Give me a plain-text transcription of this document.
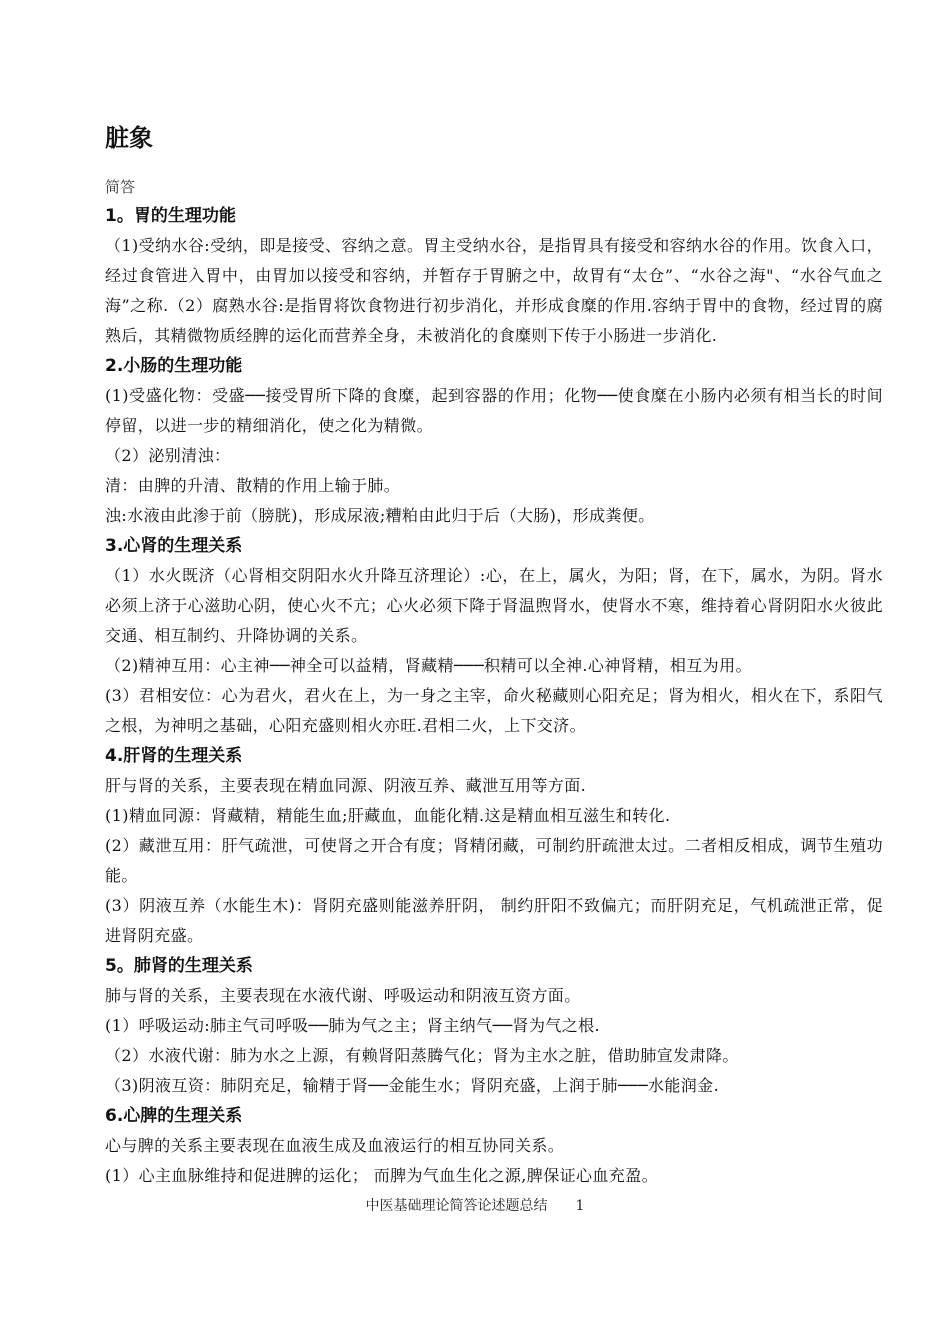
脏象
简答
1。胃的生理功能

（1)受纳水谷:受纳，即是接受、容纳之意。胃主受纳水谷，是指胃具有接受和容纳水谷的作用。饮食入口，经过食管进入胃中，由胃加以接受和容纳，并暂存于胃腑之中，故胃有“太仓”、“水谷之海"、“水谷气血之海”之称.（2）腐熟水谷:是指胃将饮食物进行初步消化，并形成食糜的作用.容纳于胃中的食物，经过胃的腐熟后，其精微物质经脾的运化而营养全身，未被消化的食糜则下传于小肠进一步消化.

2.小肠的生理功能

(1)受盛化物：受盛──接受胃所下降的食糜，起到容器的作用；化物──使食糜在小肠内必须有相当长的时间停留，以进一步的精细消化，使之化为精微。

（2）泌别清浊：

清：由脾的升清、散精的作用上输于肺。

浊:水液由此渗于前（膀胱)，形成尿液;糟粕由此归于后（大肠)，形成粪便。

3.心肾的生理关系

（1）水火既济（心肾相交阴阳水火升降互济理论）:心，在上，属火，为阳；肾，在下，属水，为阴。肾水必须上济于心滋助心阴，使心火不亢；心火必须下降于肾温煦肾水，使肾水不寒，维持着心肾阴阳水火彼此交通、相互制约、升降协调的关系。

（2)精神互用：心主神──神全可以益精，肾藏精───积精可以全神.心神肾精，相互为用。

(3）君相安位：心为君火，君火在上，为一身之主宰，命火秘藏则心阳充足；肾为相火，相火在下，系阳气之根，为神明之基础，心阳充盛则相火亦旺.君相二火，上下交济。

4.肝肾的生理关系

肝与肾的关系，主要表现在精血同源、阴液互养、藏泄互用等方面.

(1)精血同源：肾藏精，精能生血;肝藏血，血能化精.这是精血相互滋生和转化.

(2）藏泄互用：肝气疏泄，可使肾之开合有度；肾精闭藏，可制约肝疏泄太过。二者相反相成，调节生殖功能。

(3）阴液互养（水能生木)：肾阴充盛则能滋养肝阴， 制约肝阳不致偏亢；而肝阴充足，气机疏泄正常，促进肾阴充盛。

5。肺肾的生理关系

肺与肾的关系，主要表现在水液代谢、呼吸运动和阴液互资方面。

(1）呼吸运动:肺主气司呼吸──肺为气之主；肾主纳气──肾为气之根.

（2）水液代谢：肺为水之上源，有赖肾阳蒸腾气化；肾为主水之脏，借助肺宣发肃降。

（3)阴液互资：肺阴充足，输精于肾──金能生水；肾阴充盛，上润于肺───水能润金.

6.心脾的生理关系

心与脾的关系主要表现在血液生成及血液运行的相互协同关系。

(1）心主血脉维持和促进脾的运化； 而脾为气血生化之源,脾保证心血充盈。

中医基础理论简答论述题总结 1
